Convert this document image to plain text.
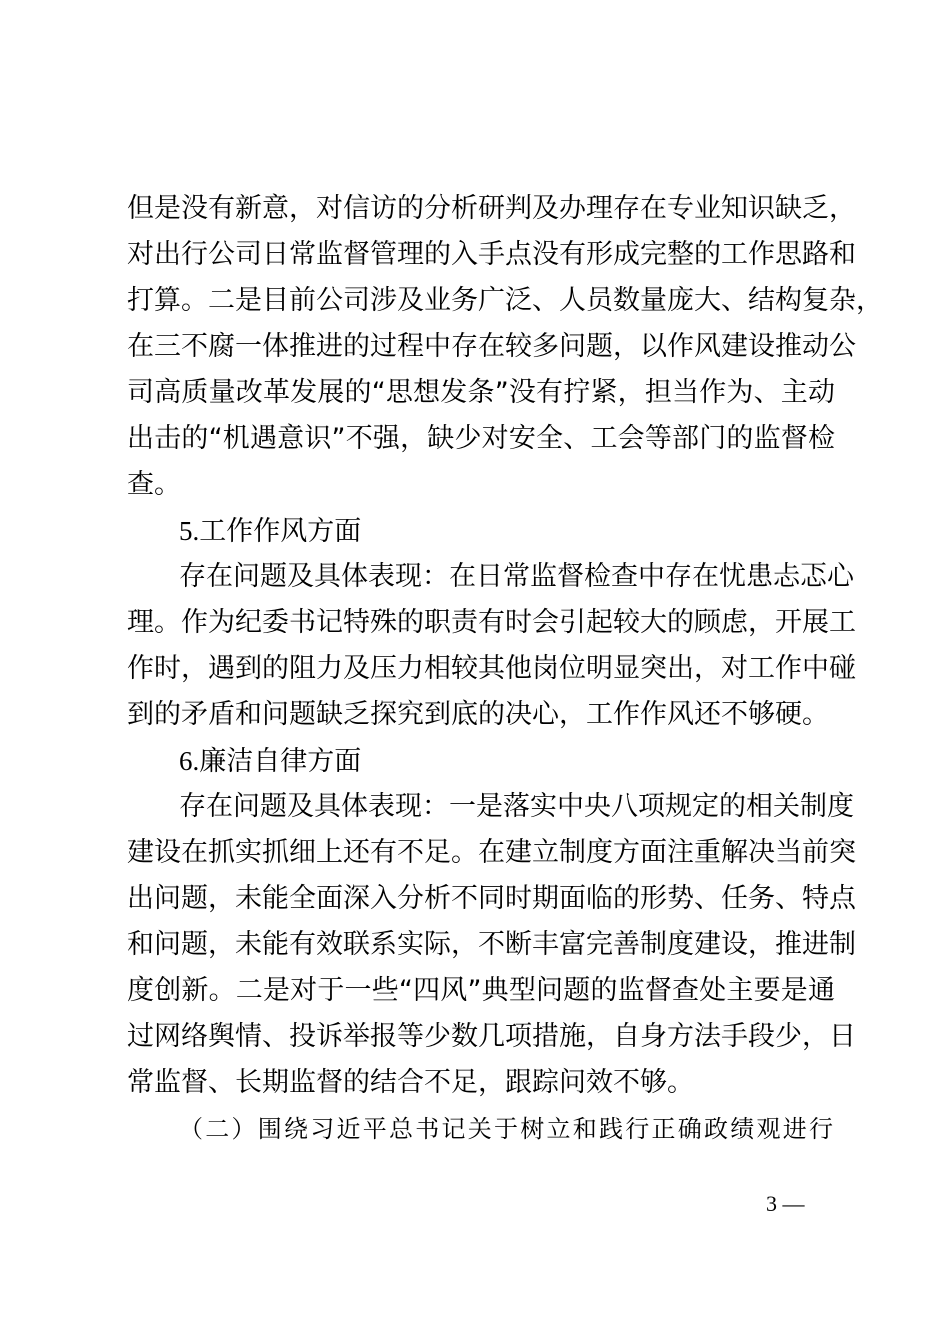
但是没有新意，对信访的分析研判及办理存在专业知识缺乏，
对出行公司日常监督管理的入手点没有形成完整的工作思路和
打算。二是目前公司涉及业务广泛、人员数量庞大、结构复杂，
在三不腐一体推进的过程中存在较多问题，以作风建设推动公
司高质量改革发展的“思想发条”没有拧紧，担当作为、主动
出击的“机遇意识”不强，缺少对安全、工会等部门的监督检
查。
5.工作作风方面
存在问题及具体表现：在日常监督检查中存在忧患忐忑心
理。作为纪委书记特殊的职责有时会引起较大的顾虑，开展工
作时，遇到的阻力及压力相较其他岗位明显突出，对工作中碰
到的矛盾和问题缺乏探究到底的决心，工作作风还不够硬。
6.廉洁自律方面
存在问题及具体表现：一是落实中央八项规定的相关制度
建设在抓实抓细上还有不足。在建立制度方面注重解决当前突
出问题，未能全面深入分析不同时期面临的形势、任务、特点
和问题，未能有效联系实际，不断丰富完善制度建设，推进制
度创新。二是对于一些“四风”典型问题的监督查处主要是通
过网络舆情、投诉举报等少数几项措施，自身方法手段少，日
常监督、长期监督的结合不足，跟踪问效不够。
（二）围绕习近平总书记关于树立和践行正确政绩观进行
3 —
